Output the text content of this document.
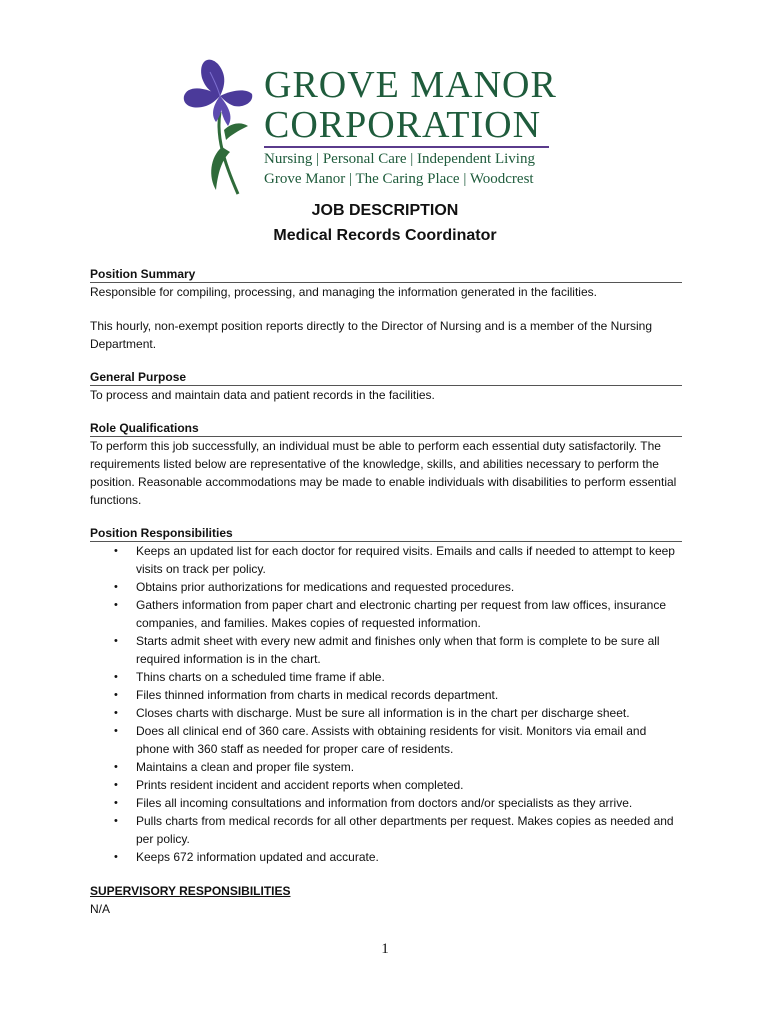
GROVE MANOR
CORPORATION
Nursing | Personal Care | Independent Living
Grove Manor | The Caring Place | Woodcrest
JOB DESCRIPTION
Medical Records Coordinator
Position Summary

Responsible for compiling, processing, and managing the information generated in the facilities.

This hourly, non-exempt position reports directly to the Director of Nursing and is a member of the Nursing Department.

General Purpose

To process and maintain data and patient records in the facilities.

Role Qualifications

To perform this job successfully, an individual must be able to perform each essential duty satisfactorily. The requirements listed below are representative of the knowledge, skills, and abilities necessary to perform the position. Reasonable accommodations may be made to enable individuals with disabilities to perform essential functions.

Position Responsibilities
• Keeps an updated list for each doctor for required visits. Emails and calls if needed to attempt to keep visits on track per policy.
• Obtains prior authorizations for medications and requested procedures.
• Gathers information from paper chart and electronic charting per request from law offices, insurance companies, and families. Makes copies of requested information.
• Starts admit sheet with every new admit and finishes only when that form is complete to be sure all required information is in the chart.
• Thins charts on a scheduled time frame if able.
• Files thinned information from charts in medical records department.
• Closes charts with discharge. Must be sure all information is in the chart per discharge sheet.
• Does all clinical end of 360 care. Assists with obtaining residents for visit. Monitors via email and phone with 360 staff as needed for proper care of residents.
• Maintains a clean and proper file system.
• Prints resident incident and accident reports when completed.
• Files all incoming consultations and information from doctors and/or specialists as they arrive.
• Pulls charts from medical records for all other departments per request. Makes copies as needed and per policy.
• Keeps 672 information updated and accurate.
SUPERVISORY RESPONSIBILITIES

N/A

1
